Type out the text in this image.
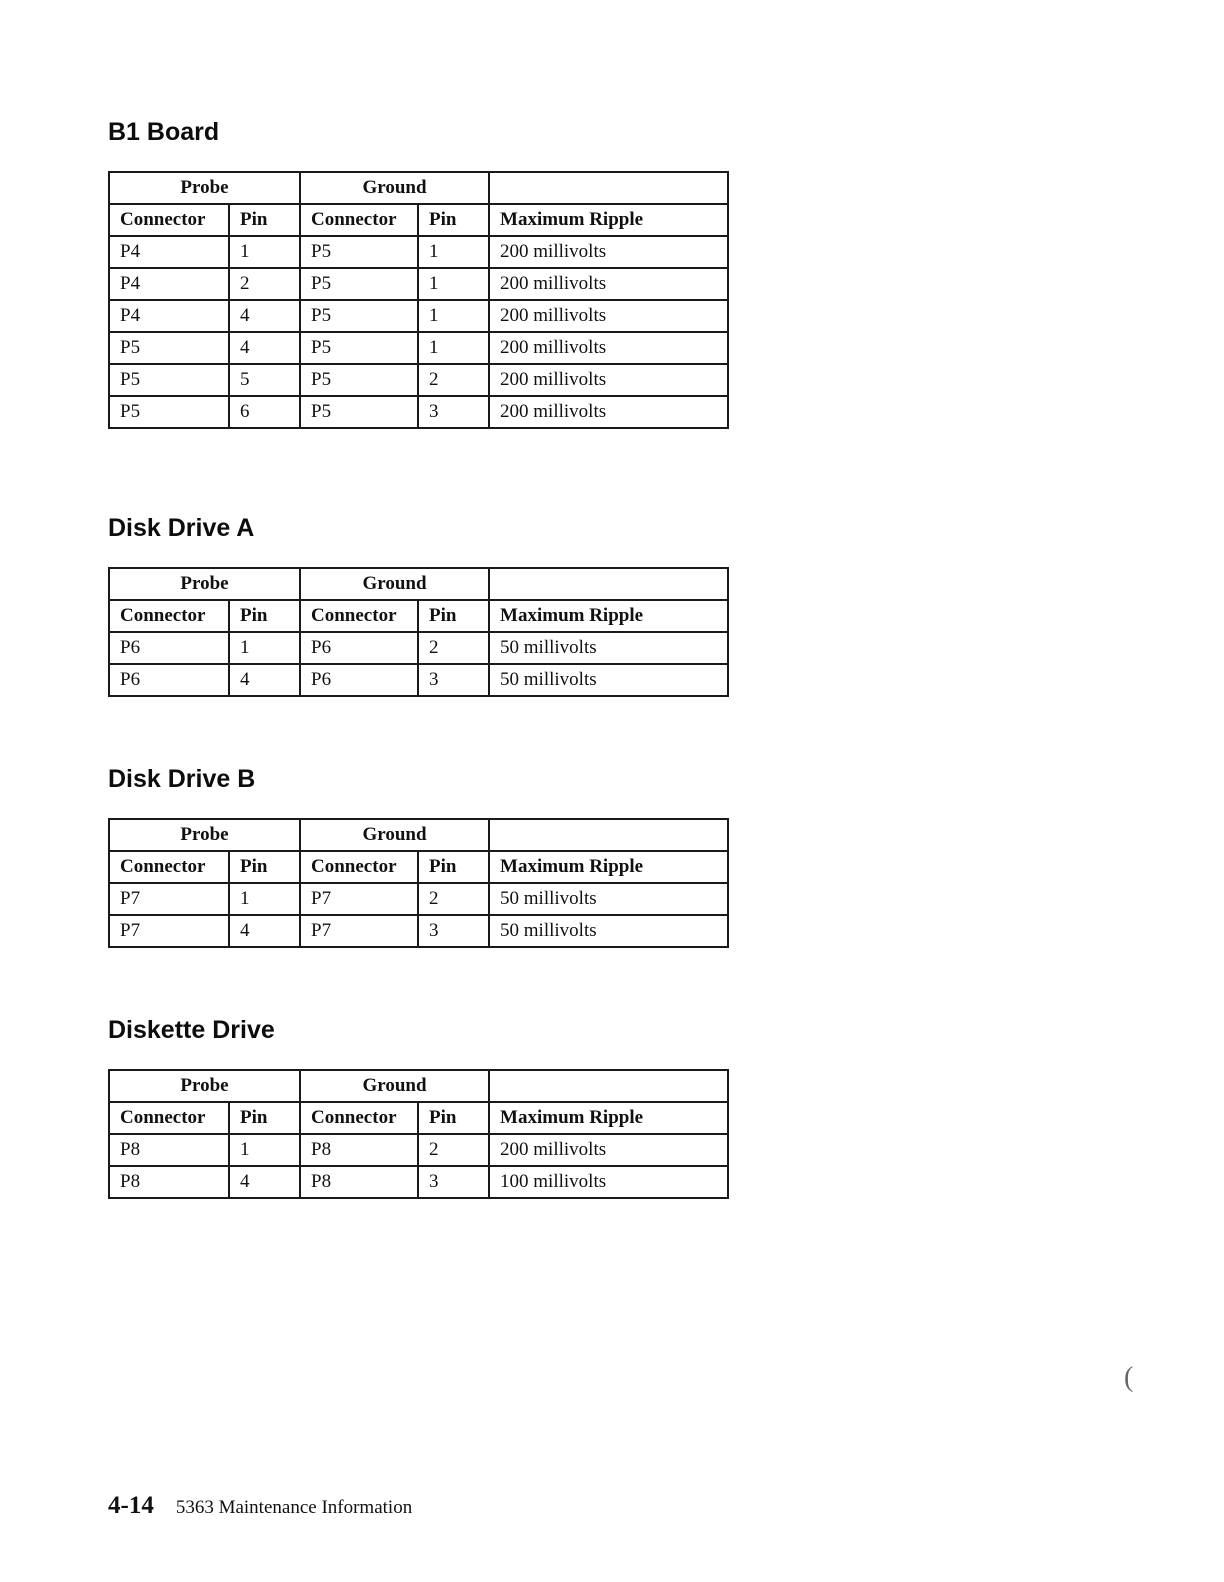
B1 Board
Probe		Ground		
Connector	Pin	Connector	Pin	Maximum Ripple
P4	1	P5	1	200 millivolts
P4	2	P5	1	200 millivolts
P4	4	P5	1	200 millivolts
P5	4	P5	1	200 millivolts
P5	5	P5	2	200 millivolts
P5	6	P5	3	200 millivolts
Disk Drive A
Probe		Ground		
Connector	Pin	Connector	Pin	Maximum Ripple
P6	1	P6	2	50 millivolts
P6	4	P6	3	50 millivolts
Disk Drive B
Probe		Ground		
Connector	Pin	Connector	Pin	Maximum Ripple
P7	1	P7	2	50 millivolts
P7	4	P7	3	50 millivolts
Diskette Drive
Probe		Ground		
Connector	Pin	Connector	Pin	Maximum Ripple
P8	1	P8	2	200 millivolts
P8	4	P8	3	100 millivolts
4-14 5363 Maintenance Information
(
